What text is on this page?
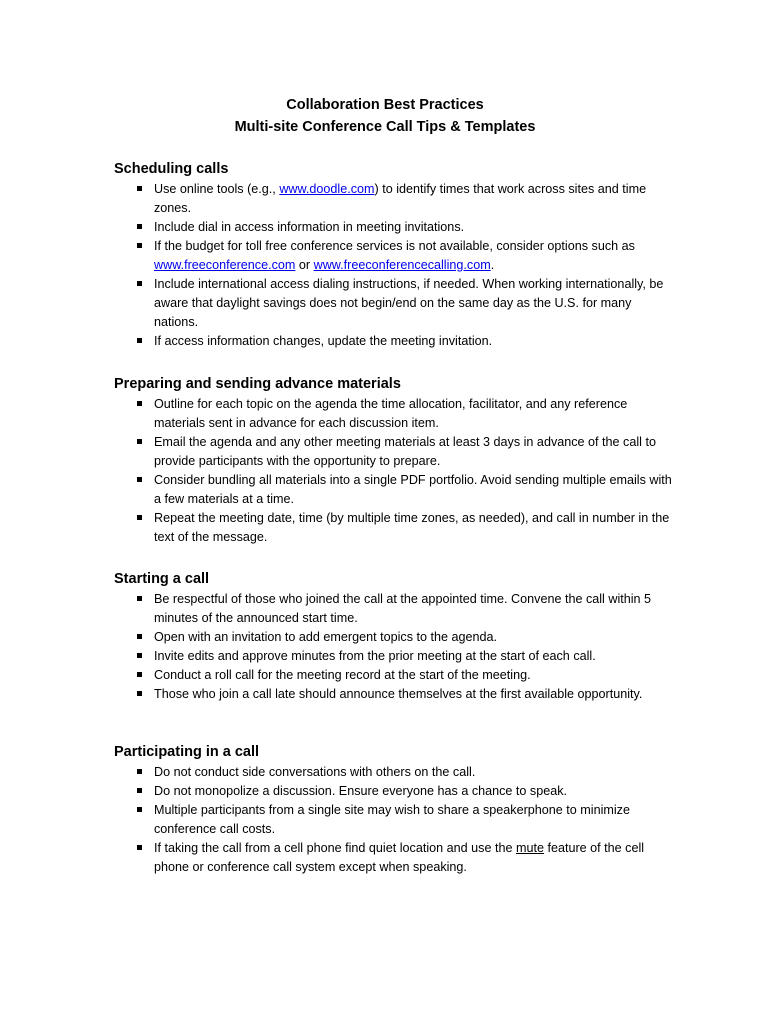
Collaboration Best Practices
Multi-site Conference Call Tips & Templates
Scheduling calls
Use online tools (e.g., www.doodle.com) to identify times that work across sites and time zones.
Include dial in access information in meeting invitations.
If the budget for toll free conference services is not available, consider options such as www.freeconference.com or www.freeconferencecalling.com.
Include international access dialing instructions, if needed. When working internationally, be aware that daylight savings does not begin/end on the same day as the U.S. for many nations.
If access information changes, update the meeting invitation.
Preparing and sending advance materials
Outline for each topic on the agenda the time allocation, facilitator, and any reference materials sent in advance for each discussion item.
Email the agenda and any other meeting materials at least 3 days in advance of the call to provide participants with the opportunity to prepare.
Consider bundling all materials into a single PDF portfolio. Avoid sending multiple emails with a few materials at a time.
Repeat the meeting date, time (by multiple time zones, as needed), and call in number in the text of the message.
Starting a call
Be respectful of those who joined the call at the appointed time. Convene the call within 5 minutes of the announced start time.
Open with an invitation to add emergent topics to the agenda.
Invite edits and approve minutes from the prior meeting at the start of each call.
Conduct a roll call for the meeting record at the start of the meeting.
Those who join a call late should announce themselves at the first available opportunity.
Participating in a call
Do not conduct side conversations with others on the call.
Do not monopolize a discussion. Ensure everyone has a chance to speak.
Multiple participants from a single site may wish to share a speakerphone to minimize conference call costs.
If taking the call from a cell phone find quiet location and use the mute feature of the cell phone or conference call system except when speaking.
